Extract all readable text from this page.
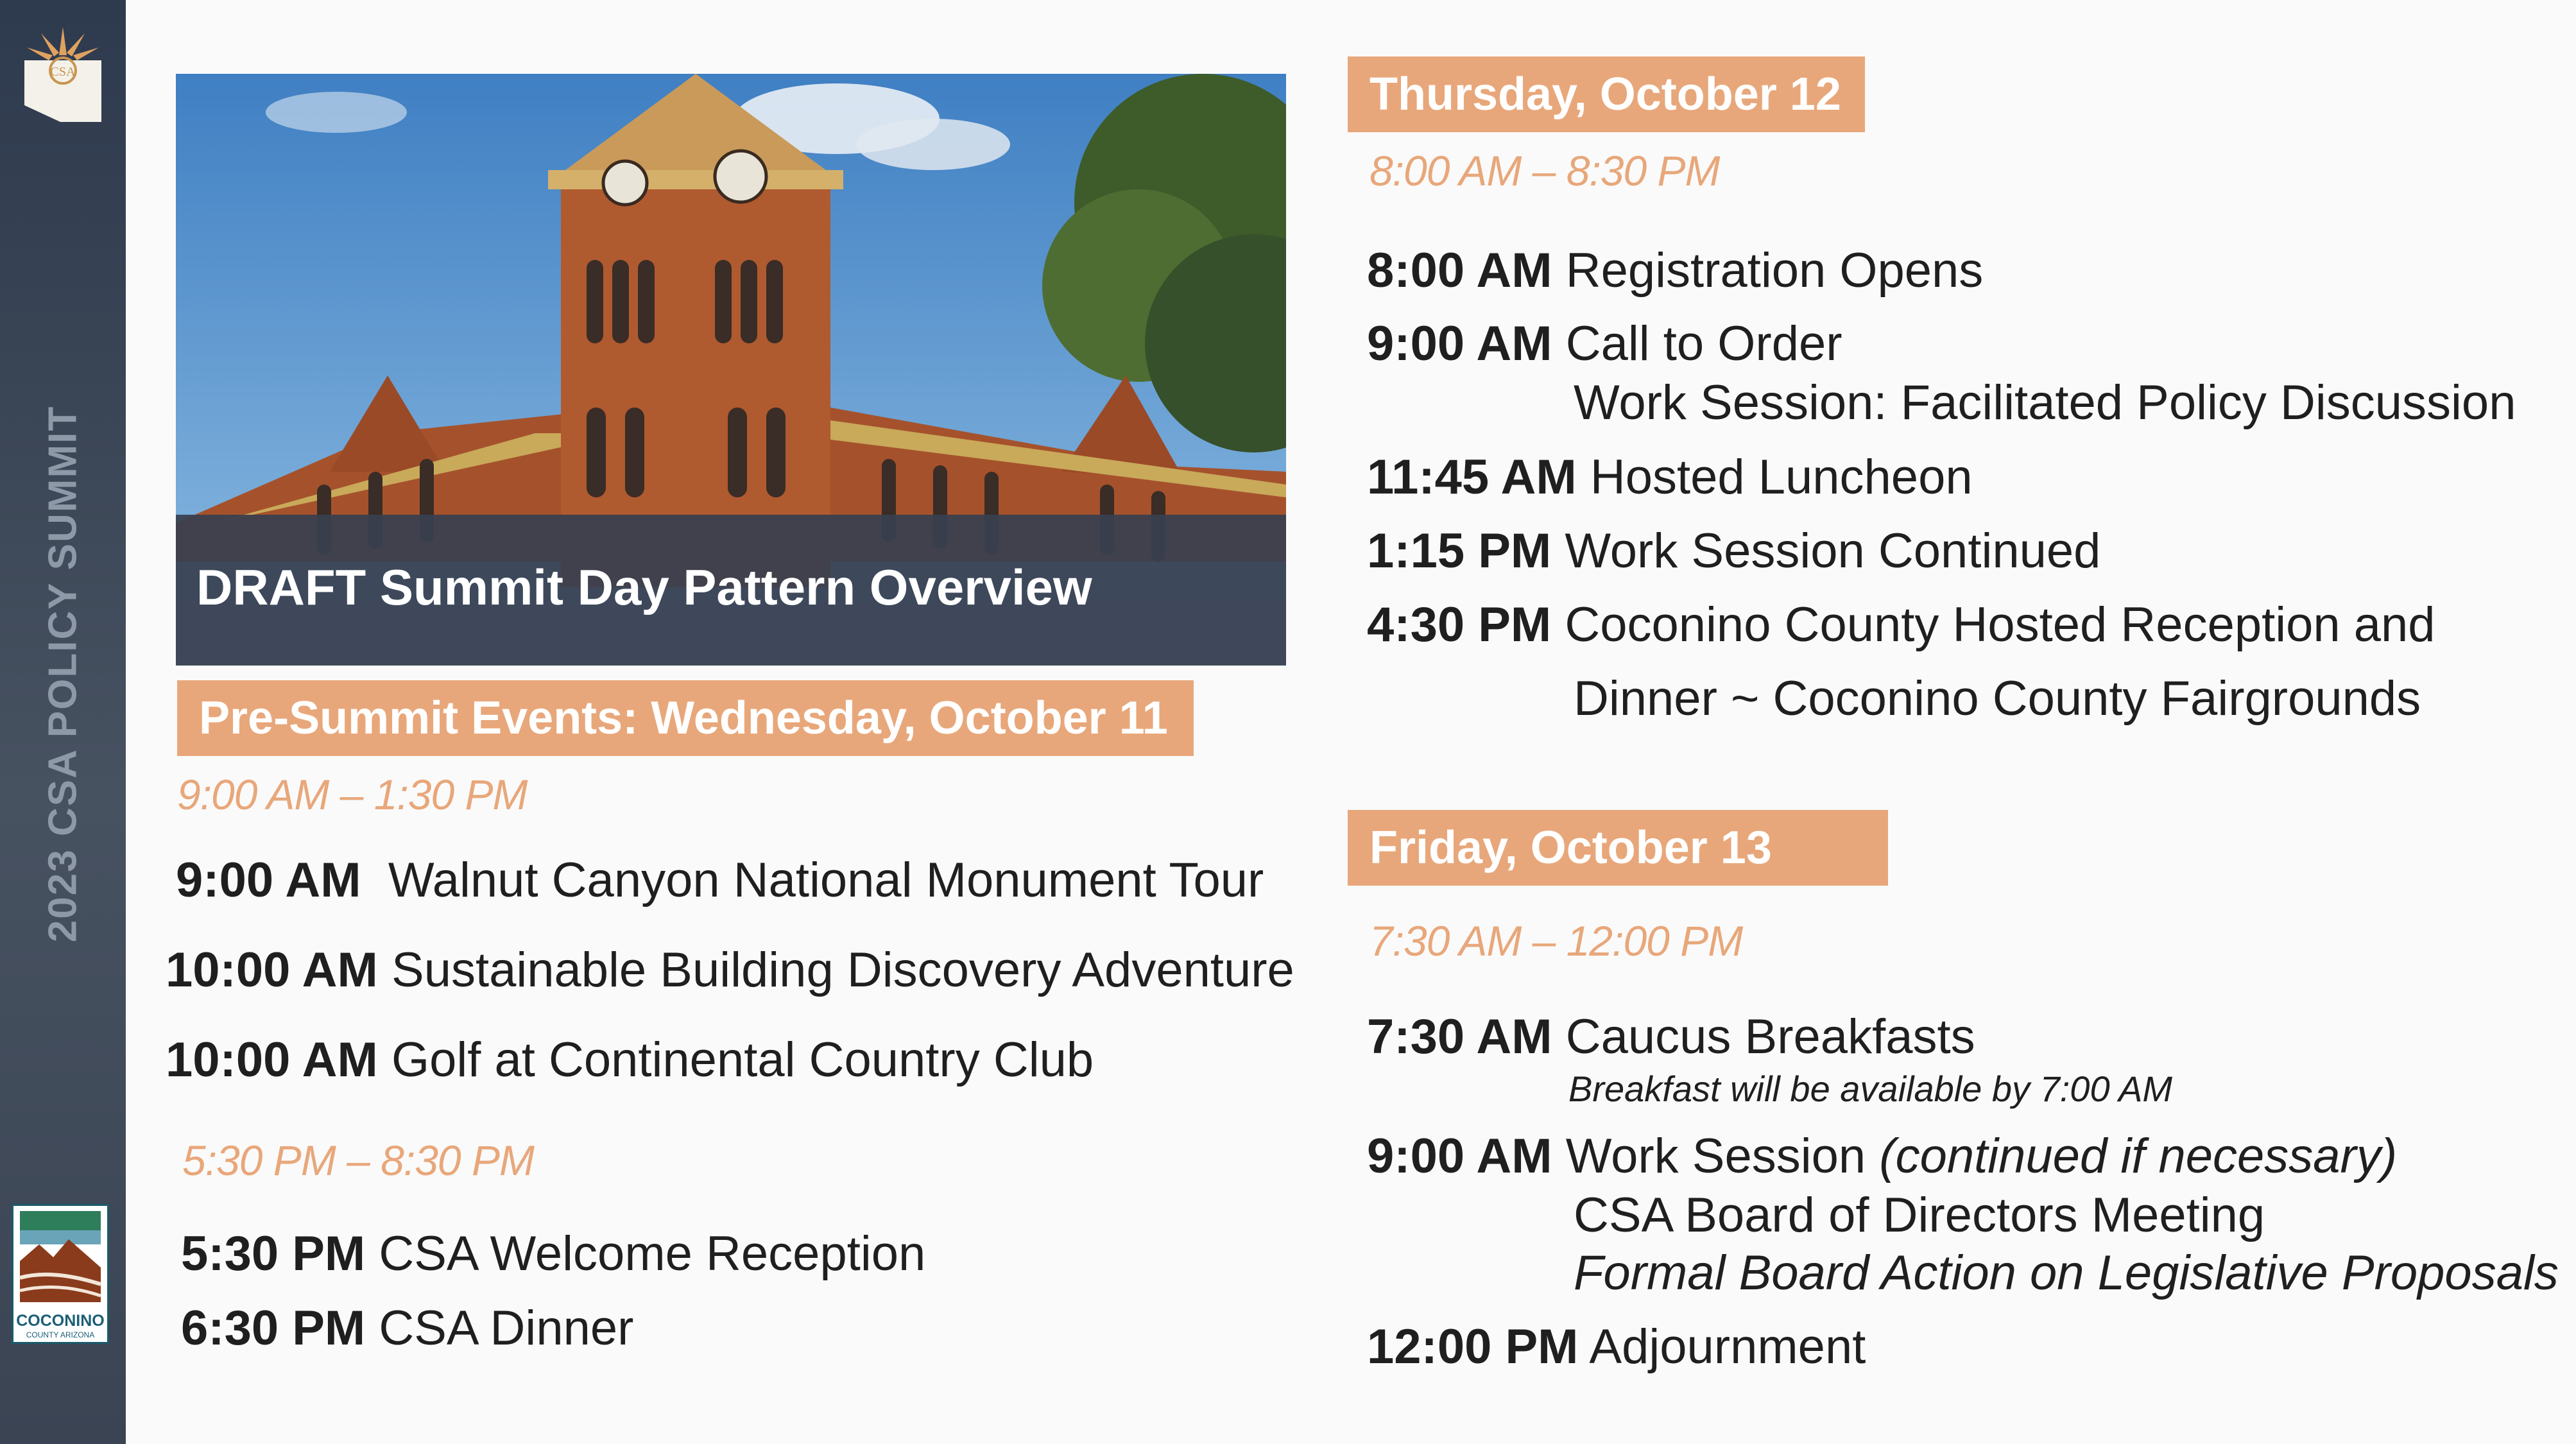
CSA
2023 CSA POLICY SUMMIT
COCONINO
COUNTY ARIZONA
DRAFT Summit Day Pattern Overview
Pre-Summit Events: Wednesday, October 11
9:00 AM – 1:30 PM
9:00 AM Walnut Canyon National Monument Tour
10:00 AM Sustainable Building Discovery Adventure
10:00 AM Golf at Continental Country Club
5:30 PM – 8:30 PM
5:30 PM CSA Welcome Reception
6:30 PM CSA Dinner
Thursday, October 12
8:00 AM – 8:30 PM
8:00 AM Registration Opens
9:00 AM Call to Order
Work Session: Facilitated Policy Discussion
11:45 AM Hosted Luncheon
1:15 PM Work Session Continued
4:30 PM Coconino County Hosted Reception and
Dinner ~ Coconino County Fairgrounds
Friday, October 13
7:30 AM – 12:00 PM
7:30 AM Caucus Breakfasts
Breakfast will be available by 7:00 AM
9:00 AM Work Session (continued if necessary)
CSA Board of Directors Meeting
Formal Board Action on Legislative Proposals
12:00 PM Adjournment
